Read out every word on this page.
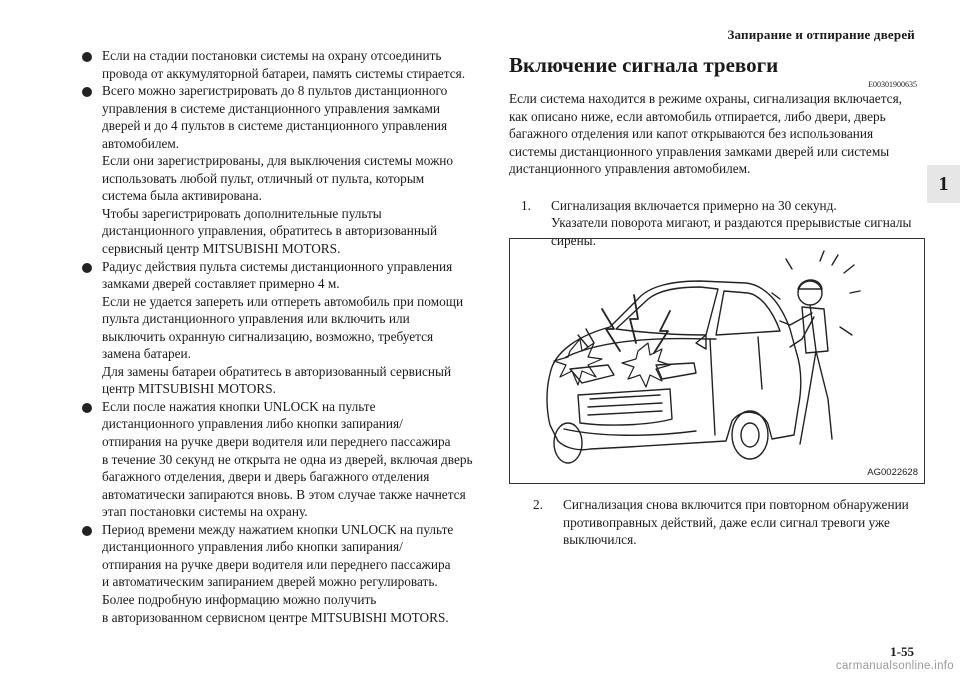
Запирание и отпирание дверей
1
Если на стадии постановки системы на охрану отсоединить
провода от аккумуляторной батареи, память системы стирается.
Всего можно зарегистрировать до 8 пультов дистанционного
управления в системе дистанционного управления замками
дверей и до 4 пультов в системе дистанционного управления
автомобилем.
Если они зарегистрированы, для выключения системы можно
использовать любой пульт, отличный от пульта, которым
система была активирована.
Чтобы зарегистрировать дополнительные пульты
дистанционного управления, обратитесь в авторизованный
сервисный центр MITSUBISHI MOTORS.
Радиус действия пульта системы дистанционного управления
замками дверей составляет примерно 4 м.
Если не удается запереть или отпереть автомобиль при помощи
пульта дистанционного управления или включить или
выключить охранную сигнализацию, возможно, требуется
замена батареи.
Для замены батареи обратитесь в авторизованный сервисный
центр MITSUBISHI MOTORS.
Если после нажатия кнопки UNLOCK на пульте
дистанционного управления либо кнопки запирания/
отпирания на ручке двери водителя или переднего пассажира
в течение 30 секунд не открыта не одна из дверей, включая дверь
багажного отделения, двери и дверь багажного отделения
автоматически запираются вновь. В этом случае также начнется
этап постановки системы на охрану.
Период времени между нажатием кнопки UNLOCK на пульте
дистанционного управления либо кнопки запирания/
отпирания на ручке двери водителя или переднего пассажира
и автоматическим запиранием дверей можно регулировать.
Более подробную информацию можно получить
в авторизованном сервисном центре MITSUBISHI MOTORS.
Включение сигнала тревоги
E00301900635
Если система находится в режиме охраны, сигнализация включается,
как описано ниже, если автомобиль отпирается, либо двери, дверь
багажного отделения или капот открываются без использования
системы дистанционного управления замками дверей или системы
дистанционного управления автомобилем.
1. Сигнализация включается примерно на 30 секунд.
Указатели поворота мигают, и раздаются прерывистые сигналы
сирены.
AG0022628
2. Сигнализация снова включится при повторном обнаружении
противоправных действий, даже если сигнал тревоги уже
выключился.
1-55
carmanualsonline.info
